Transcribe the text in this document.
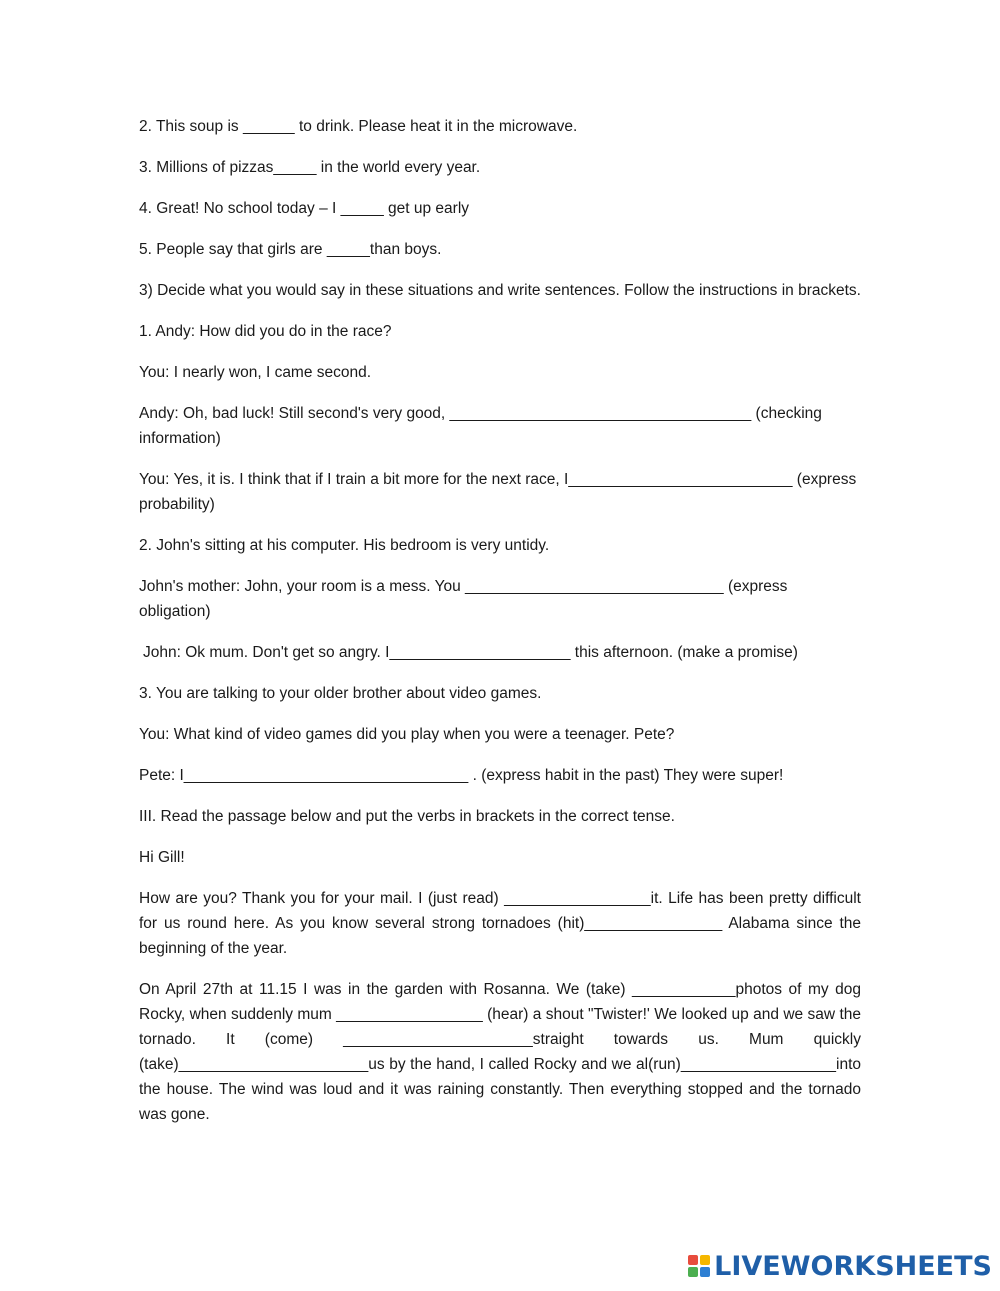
2. This soup is ______ to drink. Please heat it in the microwave.

3. Millions of pizzas_____ in the world every year.

4. Great! No school today – I _____ get up early

5. People say that girls are _____than boys.

3) Decide what you would say in these situations and write sentences. Follow the instructions in brackets.

1. Andy: How did you do in the race?

You: I nearly won, I came second.

Andy: Oh, bad luck! Still second's very good, ___________________________________ (checking information)

You: Yes, it is. I think that if I train a bit more for the next race, I__________________________ (express probability)

2. John's sitting at his computer. His bedroom is very untidy.

John's mother: John, your room is a mess. You ______________________________ (express obligation)

John: Ok mum. Don't get so angry. I_____________________ this afternoon. (make a promise)

3. You are talking to your older brother about video games.

You: What kind of video games did you play when you were a teenager. Pete?

Pete: I_________________________________ . (express habit in the past) They were super!

III. Read the passage below and put the verbs in brackets in the correct tense.

Hi Gill!

How are you? Thank you for your mail. I (just read) _________________it. Life has been pretty difficult for us round here. As you know several strong tornadoes (hit)________________ Alabama since the beginning of the year.

On April 27th at 11.15 I was in the garden with Rosanna. We (take) ____________photos of my dog Rocky, when suddenly mum _________________ (hear) a shout "Twister!' We looked up and we saw the tornado. It (come) ______________________straight towards us. Mum quickly (take)______________________us by the hand, I called Rocky and we al(run)__________________into the house. The wind was loud and it was raining constantly. Then everything stopped and the tornado was gone.

LIVEWORKSHEETS
